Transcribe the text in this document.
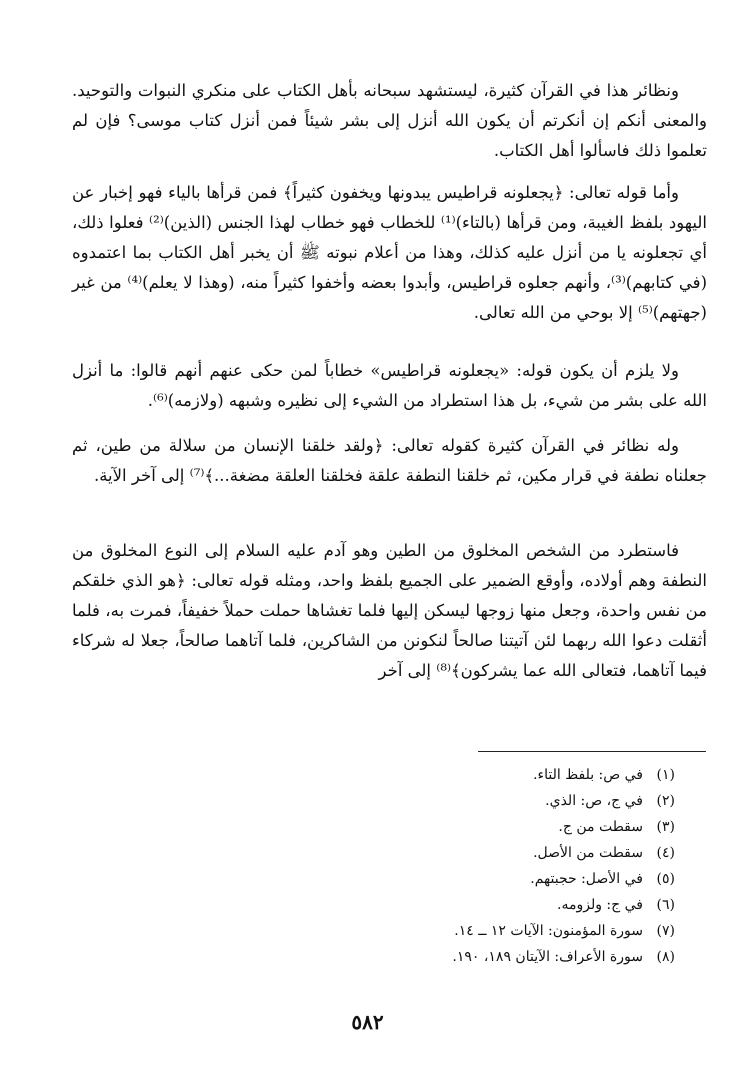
ونظائر هذا في القرآن كثيرة، ليستشهد سبحانه بأهل الكتاب على منكري النبوات والتوحيد. والمعنى أنكم إن أنكرتم أن يكون الله أنزل إلى بشر شيئاً فمن أنزل كتاب موسى؟ فإن لم تعلموا ذلك فاسألوا أهل الكتاب.

وأما قوله تعالى: ﴿يجعلونه قراطيس يبدونها ويخفون كثيراً﴾ فمن قرأها بالياء فهو إخبار عن اليهود بلفظ الغيبة، ومن قرأها (بالتاء)⁽¹⁾ للخطاب فهو خطاب لهذا الجنس (الذين)⁽²⁾ فعلوا ذلك، أي تجعلونه يا من أنزل عليه كذلك، وهذا من أعلام نبوته ﷺ أن يخبر أهل الكتاب بما اعتمدوه (في كتابهم)⁽³⁾، وأنهم جعلوه قراطيس، وأبدوا بعضه وأخفوا كثيراً منه، (وهذا لا يعلم)⁽⁴⁾ من غير (جهتهم)⁽⁵⁾ إلا بوحي من الله تعالى.

ولا يلزم أن يكون قوله: «يجعلونه قراطيس» خطاباً لمن حكى عنهم أنهم قالوا: ما أنزل الله على بشر من شيء، بل هذا استطراد من الشيء إلى نظيره وشبهه (ولازمه)⁽⁶⁾.

وله نظائر في القرآن كثيرة كقوله تعالى: ﴿ولقد خلقنا الإنسان من سلالة من طين، ثم جعلناه نطفة في قرار مكين، ثم خلقنا النطفة علقة فخلقنا العلقة مضغة...﴾⁽⁷⁾ إلى آخر الآية.

فاستطرد من الشخص المخلوق من الطين وهو آدم عليه السلام إلى النوع المخلوق من النطفة وهم أولاده، وأوقع الضمير على الجميع بلفظ واحد، ومثله قوله تعالى: ﴿هو الذي خلقكم من نفس واحدة، وجعل منها زوجها ليسكن إليها فلما تغشاها حملت حملاً خفيفاً، فمرت به، فلما أثقلت دعوا الله ربهما لئن آتيتنا صالحاً لنكونن من الشاكرين، فلما آتاهما صالحاً، جعلا له شركاء فيما آتاهما، فتعالى الله عما يشركون﴾⁽⁸⁾ إلى آخر

(١)
في ص: بلفظ التاء.
(٢)
في ج، ص: الذي.
(٣)
سقطت من ج.
(٤)
سقطت من الأصل.
(٥)
في الأصل: حجبتهم.
(٦)
في ج: ولزومه.
(٧)
سورة المؤمنون: الآيات ١٢ ــ ١٤.
(٨)
سورة الأعراف: الآيتان ١٨٩، ١٩٠.
٥٨٢
